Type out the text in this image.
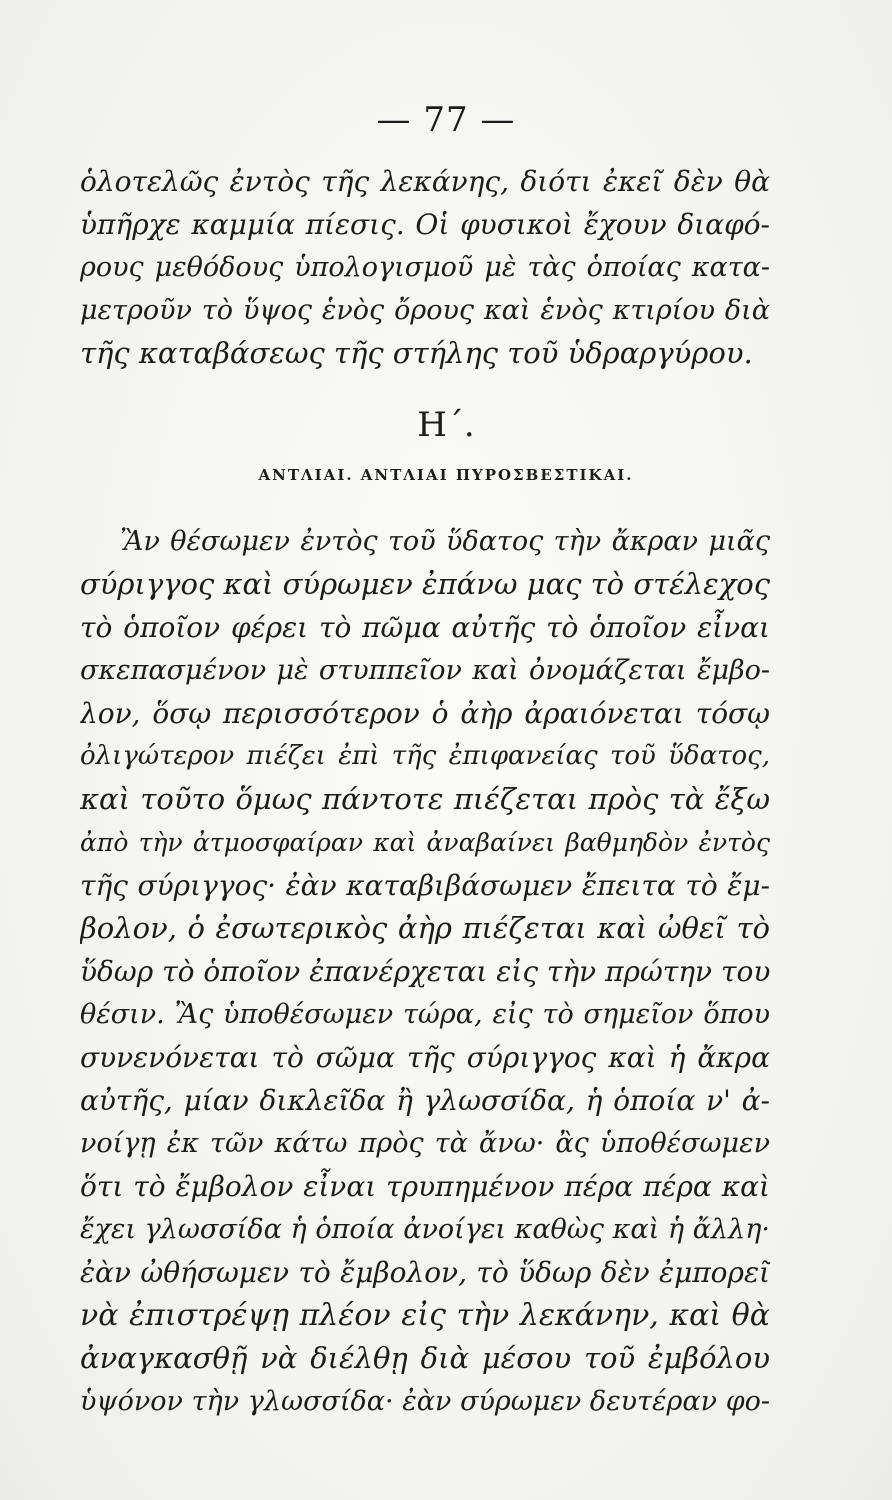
— 77 —
ὁλοτελῶς ἐντὸς τῆς λεκάνης, διότι ἐκεῖ δὲν θὰ
ὑπῆρχε καμμία πίεσις. Οἱ φυσικοὶ ἔχουν διαφό-
ρους μεθόδους ὑπολογισμοῦ μὲ τὰς ὁποίας κατα-
μετροῦν τὸ ὕψος ἑνὸς ὄρους καὶ ἑνὸς κτιρίου διὰ
τῆς καταβάσεως τῆς στήλης τοῦ ὑδραργύρου.
Η΄.
ΑΝΤΛΙΑΙ. ΑΝΤΛΙΑΙ ΠΥΡΟΣΒΕΣΤΙΚΑΙ.
Ἂν θέσωμεν ἐντὸς τοῦ ὕδατος τὴν ἄκραν μιᾶς
σύριγγος καὶ σύρωμεν ἐπάνω μας τὸ στέλεχος
τὸ ὁποῖον φέρει τὸ πῶμα αὐτῆς τὸ ὁποῖον εἶναι
σκεπασμένον μὲ στυππεῖον καὶ ὀνομάζεται ἔμβο-
λον, ὅσῳ περισσότερον ὁ ἀὴρ ἀραιόνεται τόσῳ
ὀλιγώτερον πιέζει ἐπὶ τῆς ἐπιφανείας τοῦ ὕδατος,
καὶ τοῦτο ὅμως πάντοτε πιέζεται πρὸς τὰ ἔξω
ἀπὸ τὴν ἀτμοσφαίραν καὶ ἀναβαίνει βαθμηδὸν ἐντὸς
τῆς σύριγγος· ἐὰν καταβιβάσωμεν ἔπειτα τὸ ἔμ-
βολον, ὁ ἐσωτερικὸς ἀὴρ πιέζεται καὶ ὠθεῖ τὸ
ὕδωρ τὸ ὁποῖον ἐπανέρχεται εἰς τὴν πρώτην του
θέσιν. Ἂς ὑποθέσωμεν τώρα, εἰς τὸ σημεῖον ὅπου
συνενόνεται τὸ σῶμα τῆς σύριγγος καὶ ἡ ἄκρα
αὐτῆς, μίαν δικλεῖδα ἢ γλωσσίδα, ἡ ὁποία ν' ἀ-
νοίγῃ ἐκ τῶν κάτω πρὸς τὰ ἄνω· ἂς ὑποθέσωμεν
ὅτι τὸ ἔμβολον εἶναι τρυπημένον πέρα πέρα καὶ
ἔχει γλωσσίδα ἡ ὁποία ἀνοίγει καθὼς καὶ ἡ ἄλλη·
ἐὰν ὠθήσωμεν τὸ ἔμβολον, τὸ ὕδωρ δὲν ἐμπορεῖ
νὰ ἐπιστρέψῃ πλέον εἰς τὴν λεκάνην, καὶ θὰ
ἀναγκασθῇ νὰ διέλθῃ διὰ μέσου τοῦ ἐμβόλου
ὑψόνον τὴν γλωσσίδα· ἐὰν σύρωμεν δευτέραν φο-
